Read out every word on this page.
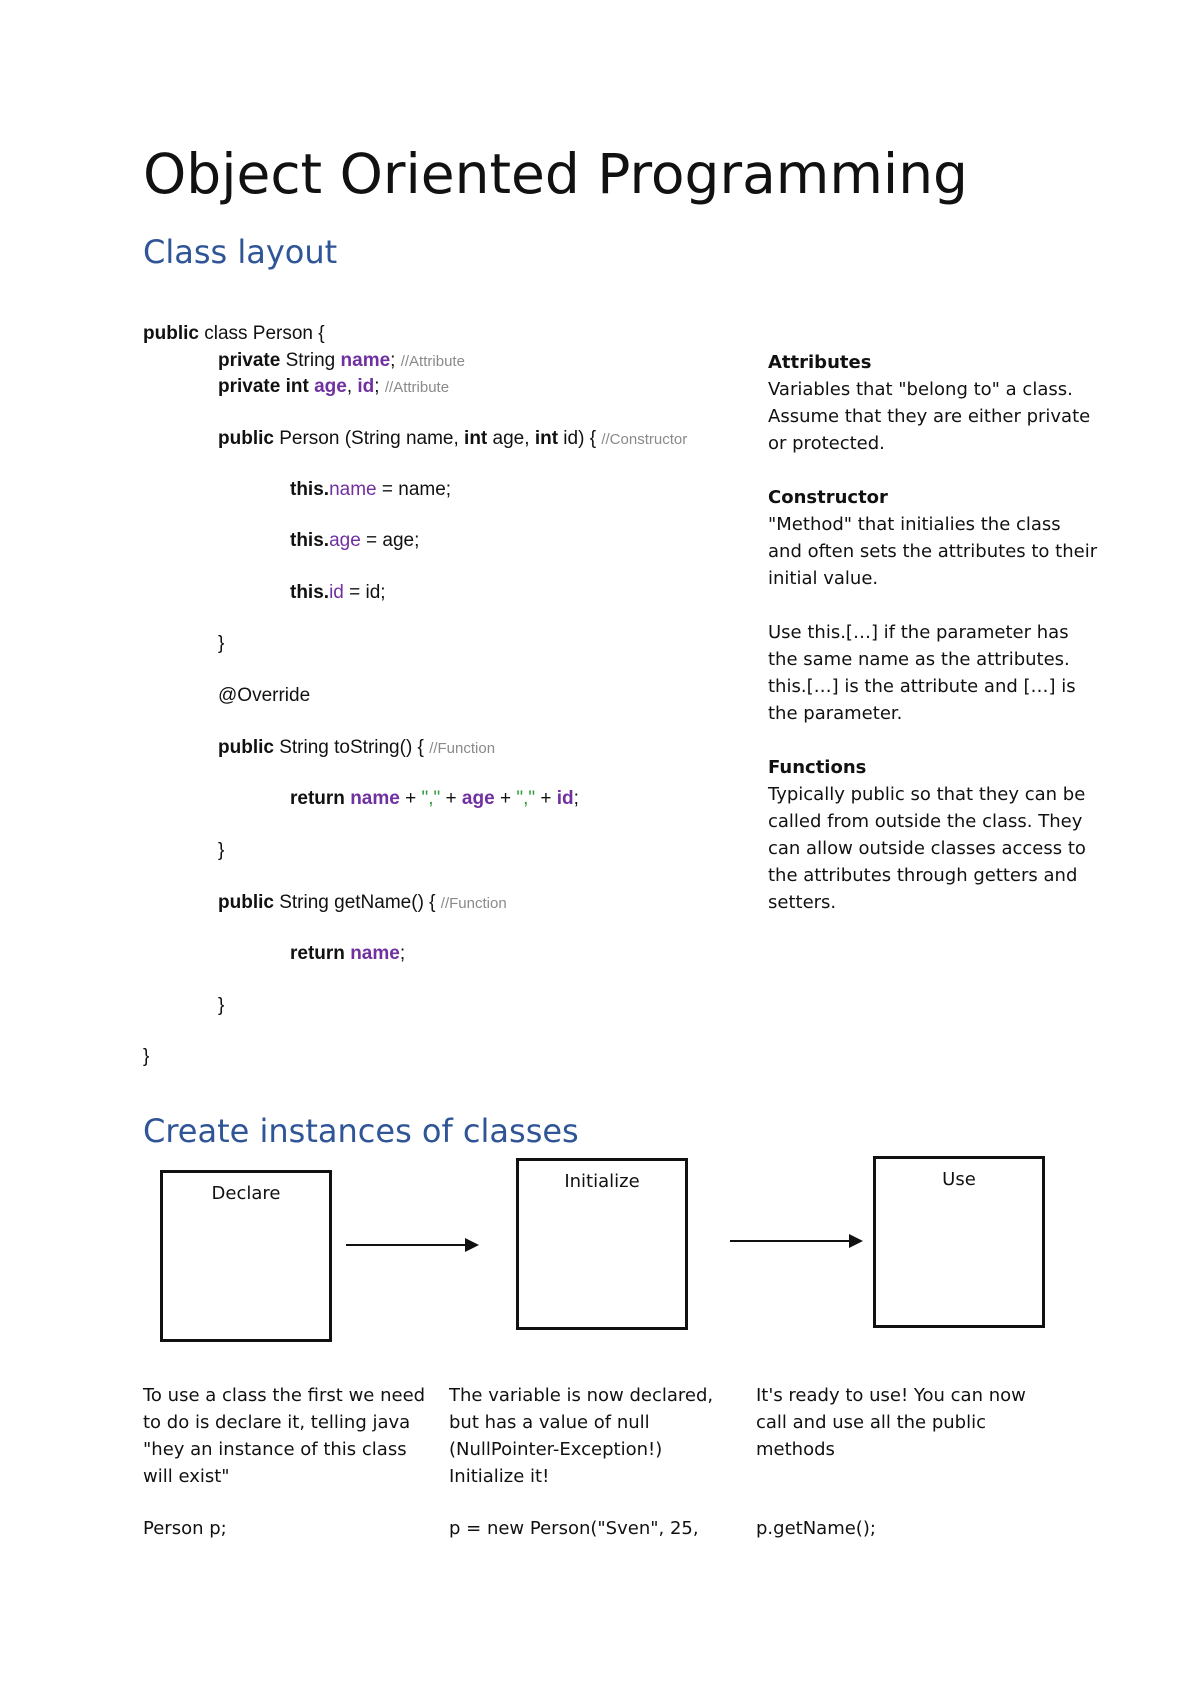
Object Oriented Programming
Class layout
public class Person {
private String name; //Attribute
private int age, id; //Attribute
public Person (String name, int age, int id) { //Constructor
this.name = name;
this.age = age;
this.id = id;
}
@Override
public String toString() { //Function
return name + "," + age + "," + id;
}
public String getName() { //Function
return name;
}
}

Attributes

Variables that "belong to" a class. Assume that they are either private or protected.

Constructor

"Method" that initialies the class and often sets the attributes to their initial value.

Use this.[…] if the parameter has the same name as the attributes. this.[…] is the attribute and […] is the parameter.

Functions

Typically public so that they can be called from outside the class. They can allow outside classes access to the attributes through getters and setters.

Create instances of classes
Declare
Initialize	Use

To use a class the first we need to do is declare it, telling java "hey an instance of this class will exist"

The variable is now declared, but has a value of null (NullPointer-Exception!) Initialize it!

It's ready to use! You can now call and use all the public methods

Person p;	p = new Person("Sven", 25,	p.getName();
